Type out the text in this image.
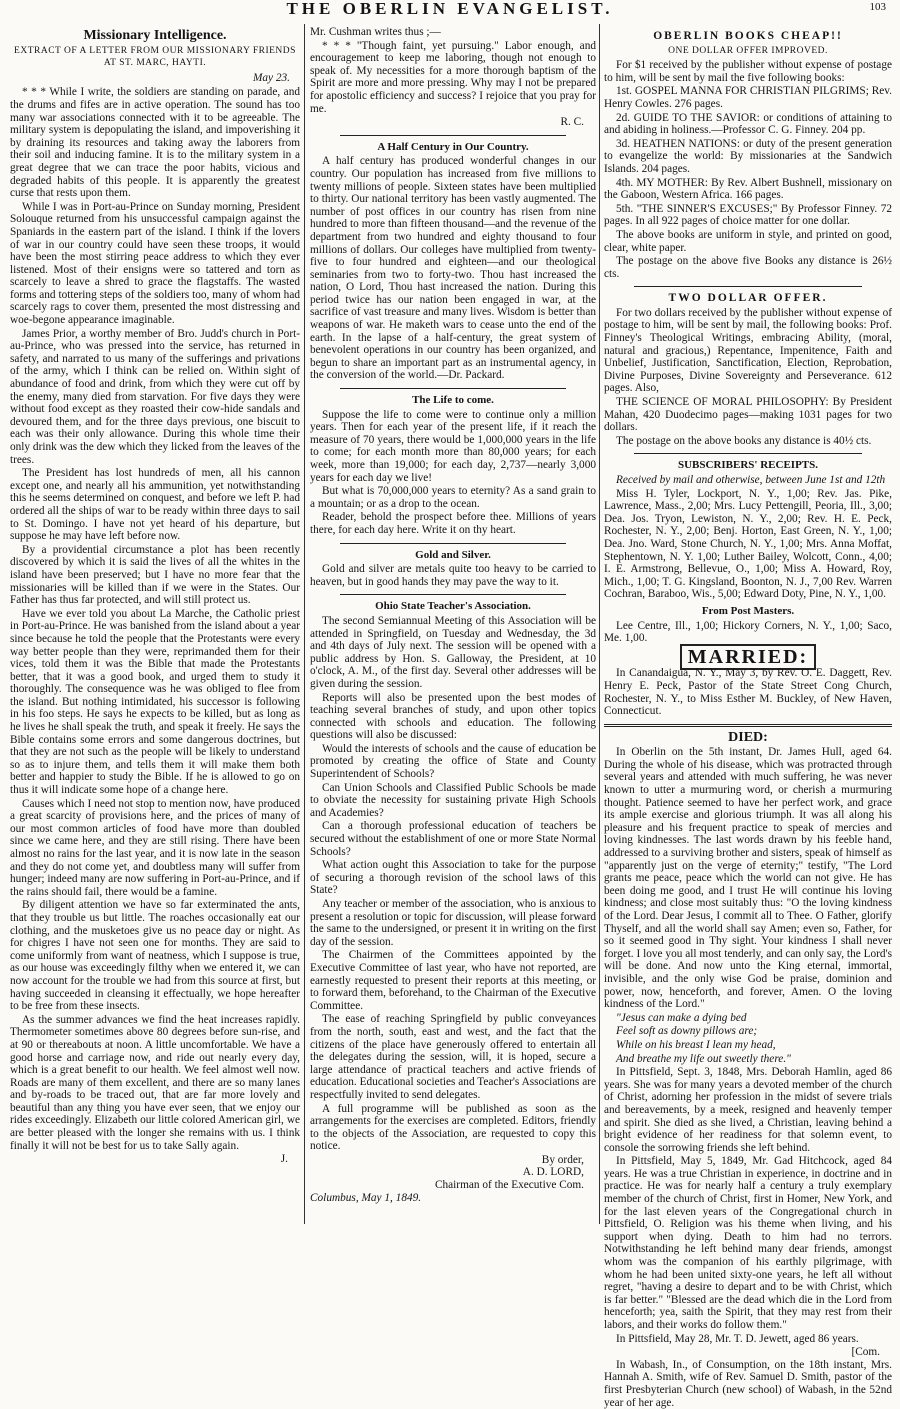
THE OBERLIN EVANGELIST.	103
Missionary Intelligence.
EXTRACT OF A LETTER FROM OUR MISSIONARY FRIENDS AT ST. MARC, HAYTI.
May 23.

* * * While I write, the soldiers are standing on parade, and the drums and fifes are in active operation. The sound has too many war associations connected with it to be agreeable. The military system is depopulating the island, and impoverishing it by draining its resources and taking away the laborers from their soil and inducing famine. It is to the military system in a great degree that we can trace the poor habits, vicious and degraded habits of this people. It is apparently the greatest curse that rests upon them.

While I was in Port-au-Prince on Sunday morning, President Solouque returned from his unsuccessful campaign against the Spaniards in the eastern part of the island. I think if the lovers of war in our country could have seen these troops, it would have been the most stirring peace address to which they ever listened. Most of their ensigns were so tattered and torn as scarcely to leave a shred to grace the flagstaffs. The wasted forms and tottering steps of the soldiers too, many of whom had scarcely rags to cover them, presented the most distressing and woe-begone appearance imaginable.

James Prior, a worthy member of Bro. Judd's church in Port-au-Prince, who was pressed into the service, has returned in safety, and narrated to us many of the sufferings and privations of the army, which I think can be relied on. Within sight of abundance of food and drink, from which they were cut off by the enemy, many died from starvation. For five days they were without food except as they roasted their cow-hide sandals and devoured them, and for the three days previous, one biscuit to each was their only allowance. During this whole time their only drink was the dew which they licked from the leaves of the trees.

The President has lost hundreds of men, all his cannon except one, and nearly all his ammunition, yet notwithstanding this he seems determined on conquest, and before we left P. had ordered all the ships of war to be ready within three days to sail to St. Domingo. I have not yet heard of his departure, but suppose he may have left before now.

By a providential circumstance a plot has been recently discovered by which it is said the lives of all the whites in the island have been preserved; but I have no more fear that the missionaries will be killed than if we were in the States. Our Father has thus far protected, and will still protect us.

Have we ever told you about La Marche, the Catholic priest in Port-au-Prince. He was banished from the island about a year since because he told the people that the Protestants were every way better people than they were, reprimanded them for their vices, told them it was the Bible that made the Protestants better, that it was a good book, and urged them to study it thoroughly. The consequence was he was obliged to flee from the island. But nothing intimidated, his successor is following in his foo steps. He says he expects to be killed, but as long as he lives he shall speak the truth, and speak it freely. He says the Bible contains some errors and some dangerous doctrines, but that they are not such as the people will be likely to understand so as to injure them, and tells them it will make them both better and happier to study the Bible. If he is allowed to go on thus it will indicate some hope of a change here.

Causes which I need not stop to mention now, have produced a great scarcity of provisions here, and the prices of many of our most common articles of food have more than doubled since we came here, and they are still rising. There have been almost no rains for the last year, and it is now late in the season and they do not come yet, and doubtless many will suffer from hunger; indeed many are now suffering in Port-au-Prince, and if the rains should fail, there would be a famine.

By diligent attention we have so far exterminated the ants, that they trouble us but little. The roaches occasionally eat our clothing, and the musketoes give us no peace day or night. As for chigres I have not seen one for months. They are said to come uniformly from want of neatness, which I suppose is true, as our house was exceedingly filthy when we entered it, we can now account for the trouble we had from this source at first, but having succeeded in cleansing it effectually, we hope hereafter to be free from these insects.

As the summer advances we find the heat increases rapidly. Thermometer sometimes above 80 degrees before sun-rise, and at 90 or thereabouts at noon. A little uncomfortable. We have a good horse and carriage now, and ride out nearly every day, which is a great benefit to our health. We feel almost well now. Roads are many of them excellent, and there are so many lanes and by-roads to be traced out, that are far more lovely and beautiful than any thing you have ever seen, that we enjoy our rides exceedingly. Elizabeth our little colored American girl, we are better pleased with the longer she remains with us. I think finally it will not be best for us to take Sally again.

J.

Mr. Cushman writes thus ;—

* * * "Though faint, yet pursuing." Labor enough, and encouragement to keep me laboring, though not enough to speak of. My necessities for a more thorough baptism of the Spirit are more and more pressing. Why may I not be prepared for apostolic efficiency and success? I rejoice that you pray for me.

R. C.
A Half Century in Our Country.

A half century has produced wonderful changes in our country. Our population has increased from five millions to twenty millions of people. Sixteen states have been multiplied to thirty. Our national territory has been vastly augmented. The number of post offices in our country has risen from nine hundred to more than fifteen thousand—and the revenue of the department from two hundred and eighty thousand to four millions of dollars. Our colleges have multiplied from twenty-five to four hundred and eighteen—and our theological seminaries from two to forty-two. Thou hast increased the nation, O Lord, Thou hast increased the nation. During this period twice has our nation been engaged in war, at the sacrifice of vast treasure and many lives. Wisdom is better than weapons of war. He maketh wars to cease unto the end of the earth. In the lapse of a half-century, the great system of benevolent operations in our country has been organized, and begun to share an important part as an instrumental agency, in the conversion of the world.—Dr. Packard.

The Life to come.

Suppose the life to come were to continue only a million years. Then for each year of the present life, if it reach the measure of 70 years, there would be 1,000,000 years in the life to come; for each month more than 80,000 years; for each week, more than 19,000; for each day, 2,737—nearly 3,000 years for each day we live!

But what is 70,000,000 years to eternity? As a sand grain to a mountain; or as a drop to the ocean.

Reader, behold the prospect before thee. Millions of years there, for each day here. Write it on thy heart.

Gold and Silver.

Gold and silver are metals quite too heavy to be carried to heaven, but in good hands they may pave the way to it.

Ohio State Teacher's Association.

The second Semiannual Meeting of this Association will be attended in Springfield, on Tuesday and Wednesday, the 3d and 4th days of July next. The session will be opened with a public address by Hon. S. Galloway, the President, at 10 o'clock, A. M., of the first day. Several other addresses will be given during the session.

Reports will also be presented upon the best modes of teaching several branches of study, and upon other topics connected with schools and education. The following questions will also be discussed:

Would the interests of schools and the cause of education be promoted by creating the office of State and County Superintendent of Schools?

Can Union Schools and Classified Public Schools be made to obviate the necessity for sustaining private High Schools and Academies?

Can a thorough professional education of teachers be secured without the establishment of one or more State Normal Schools?

What action ought this Association to take for the purpose of securing a thorough revision of the school laws of this State?

Any teacher or member of the association, who is anxious to present a resolution or topic for discussion, will please forward the same to the undersigned, or present it in writing on the first day of the session.

The Chairmen of the Committees appointed by the Executive Committee of last year, who have not reported, are earnestly requested to present their reports at this meeting, or to forward them, beforehand, to the Chairman of the Executive Committee.

The ease of reaching Springfield by public conveyances from the north, south, east and west, and the fact that the citizens of the place have generously offered to entertain all the delegates during the session, will, it is hoped, secure a large attendance of practical teachers and active friends of education. Educational societies and Teacher's Associations are respectfully invited to send delegates.

A full programme will be published as soon as the arrangements for the exercises are completed. Editors, friendly to the objects of the Association, are requested to copy this notice.

By order,
A. D. LORD,
Chairman of the Executive Com.

Columbus, May 1, 1849.

OBERLIN BOOKS CHEAP!!
ONE DOLLAR OFFER IMPROVED.

For $1 received by the publisher without expense of postage to him, will be sent by mail the five following books:

1st. GOSPEL MANNA FOR CHRISTIAN PILGRIMS; Rev. Henry Cowles. 276 pages.

2d. GUIDE TO THE SAVIOR: or conditions of attaining to and abiding in holiness.—Professor C. G. Finney. 204 pp.

3d. HEATHEN NATIONS: or duty of the present generation to evangelize the world: By missionaries at the Sandwich Islands. 204 pages.

4th. MY MOTHER: By Rev. Albert Bushnell, missionary on the Gaboon, Western Africa. 166 pages.

5th. "THE SINNER'S EXCUSES;" By Professor Finney. 72 pages. In all 922 pages of choice matter for one dollar.

The above books are uniform in style, and printed on good, clear, white paper.

The postage on the above five Books any distance is 26½ cts.

TWO DOLLAR OFFER.

For two dollars received by the publisher without expense of postage to him, will be sent by mail, the following books: Prof. Finney's Theological Writings, embracing Ability, (moral, natural and gracious,) Repentance, Impenitence, Faith and Unbelief, Justification, Sanctification, Election, Reprobation, Divine Purposes, Divine Sovereignty and Perseverance. 612 pages. Also,

THE SCIENCE OF MORAL PHILOSOPHY: By President Mahan, 420 Duodecimo pages—making 1031 pages for two dollars.

The postage on the above books any distance is 40½ cts.

SUBSCRIBERS' RECEIPTS.

Received by mail and otherwise, between June 1st and 12th

Miss H. Tyler, Lockport, N. Y., 1,00; Rev. Jas. Pike, Lawrence, Mass., 2,00; Mrs. Lucy Pettengill, Peoria, Ill., 3,00; Dea. Jos. Tryon, Lewiston, N. Y., 2,00; Rev. H. E. Peck, Rochester, N. Y., 2,00; Benj. Horton, East Green, N. Y., 1,00; Dea. Jno. Ward, Stone Church, N. Y., 1,00; Mrs. Anna Moffat, Stephentown, N. Y. 1,00; Luther Bailey, Wolcott, Conn., 4,00; I. E. Armstrong, Bellevue, O., 1,00; Miss A. Howard, Roy, Mich., 1,00; T. G. Kingsland, Boonton, N. J., 7,00 Rev. Warren Cochran, Baraboo, Wis., 5,00; Edward Doty, Pine, N. Y., 1,00.

From Post Masters.

Lee Centre, Ill., 1,00; Hickory Corners, N. Y., 1,00; Saco, Me. 1,00.

MARRIED:

In Canandaigua, N. Y., May 3, by Rev. O. E. Daggett, Rev. Henry E. Peck, Pastor of the State Street Cong Church, Rochester, N. Y., to Miss Esther M. Buckley, of New Haven, Connecticut.

DIED:

In Oberlin on the 5th instant, Dr. James Hull, aged 64. During the whole of his disease, which was protracted through several years and attended with much suffering, he was never known to utter a murmuring word, or cherish a murmuring thought. Patience seemed to have her perfect work, and grace its ample exercise and glorious triumph. It was all along his pleasure and his frequent practice to speak of mercies and loving kindnesses. The last words drawn by his feeble hand, addressed to a surviving brother and sisters, speak of himself as "apparently just on the verge of eternity;" testify, "The Lord grants me peace, peace which the world can not give. He has been doing me good, and I trust He will continue his loving kindness; and close most suitably thus: "O the loving kindness of the Lord. Dear Jesus, I commit all to Thee. O Father, glorify Thyself, and all the world shall say Amen; even so, Father, for so it seemed good in Thy sight. Your kindness I shall never forget. I love you all most tenderly, and can only say, the Lord's will be done. And now unto the King eternal, immortal, invisible, and the only wise God be praise, dominion and power, now, henceforth, and forever, Amen. O the loving kindness of the Lord."

"Jesus can make a dying bed

Feel soft as downy pillows are;

While on his breast I lean my head,

And breathe my life out sweetly there."

In Pittsfield, Sept. 3, 1848, Mrs. Deborah Hamlin, aged 86 years. She was for many years a devoted member of the church of Christ, adorning her profession in the midst of severe trials and bereavements, by a meek, resigned and heavenly temper and spirit. She died as she lived, a Christian, leaving behind a bright evidence of her readiness for that solemn event, to console the sorrowing friends she left behind.

In Pittsfield, May 5, 1849, Mr. Gad Hitchcock, aged 84 years. He was a true Christian in experience, in doctrine and in practice. He was for nearly half a century a truly exemplary member of the church of Christ, first in Homer, New York, and for the last eleven years of the Congregational church in Pittsfield, O. Religion was his theme when living, and his support when dying. Death to him had no terrors. Notwithstanding he left behind many dear friends, amongst whom was the companion of his earthly pilgrimage, with whom he had been united sixty-one years, he left all without regret, "having a desire to depart and to be with Christ, which is far better." "Blessed are the dead which die in the Lord from henceforth; yea, saith the Spirit, that they may rest from their labors, and their works do follow them."

In Pittsfield, May 28, Mr. T. D. Jewett, aged 86 years.

[Com.

In Wabash, In., of Consumption, on the 18th instant, Mrs. Hannah A. Smith, wife of Rev. Samuel D. Smith, pastor of the first Presbyterian Church (new school) of Wabash, in the 52nd year of her age.
